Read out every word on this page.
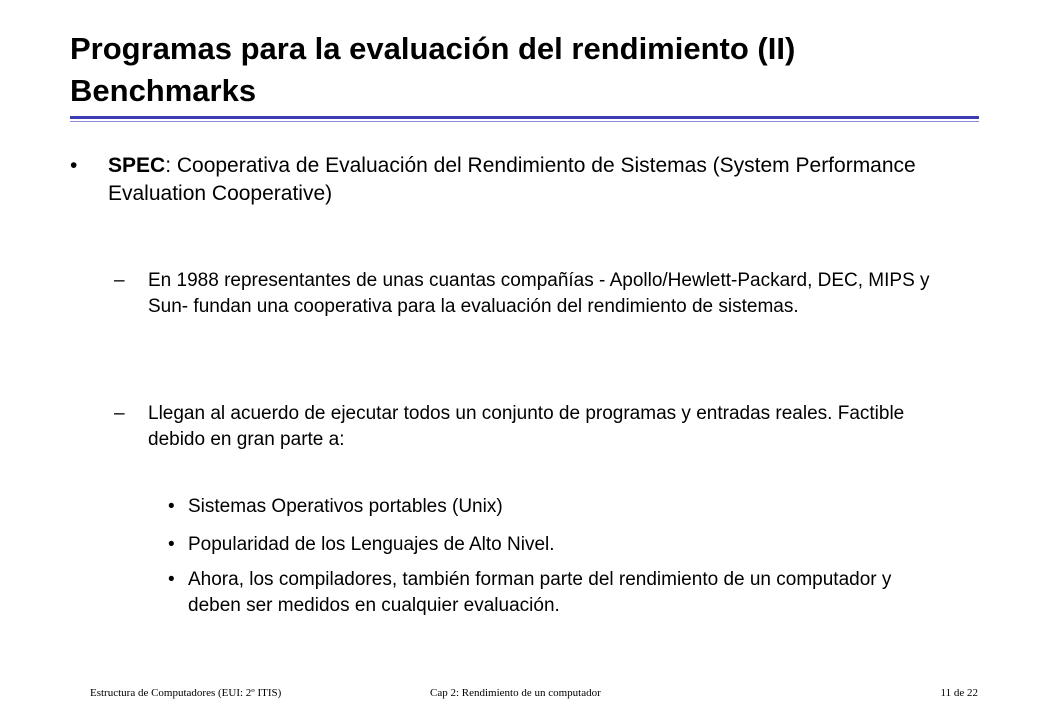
Programas para la evaluación del rendimiento (II)
Benchmarks
• SPEC: Cooperativa de Evaluación del Rendimiento de Sistemas (System Performance Evaluation Cooperative)
– En 1988 representantes de unas cuantas compañías - Apollo/Hewlett-Packard, DEC, MIPS y Sun- fundan una cooperativa para la evaluación del rendimiento de sistemas.
– Llegan al acuerdo de ejecutar todos un conjunto de programas y entradas reales. Factible debido en gran parte a:
• Sistemas Operativos portables (Unix)
• Popularidad de los Lenguajes de Alto Nivel.
• Ahora, los compiladores, también forman parte del rendimiento de un computador y deben ser medidos en cualquier evaluación.
Estructura de Computadores (EUI: 2º ITIS)	Cap 2: Rendimiento de un computador	11 de 22
